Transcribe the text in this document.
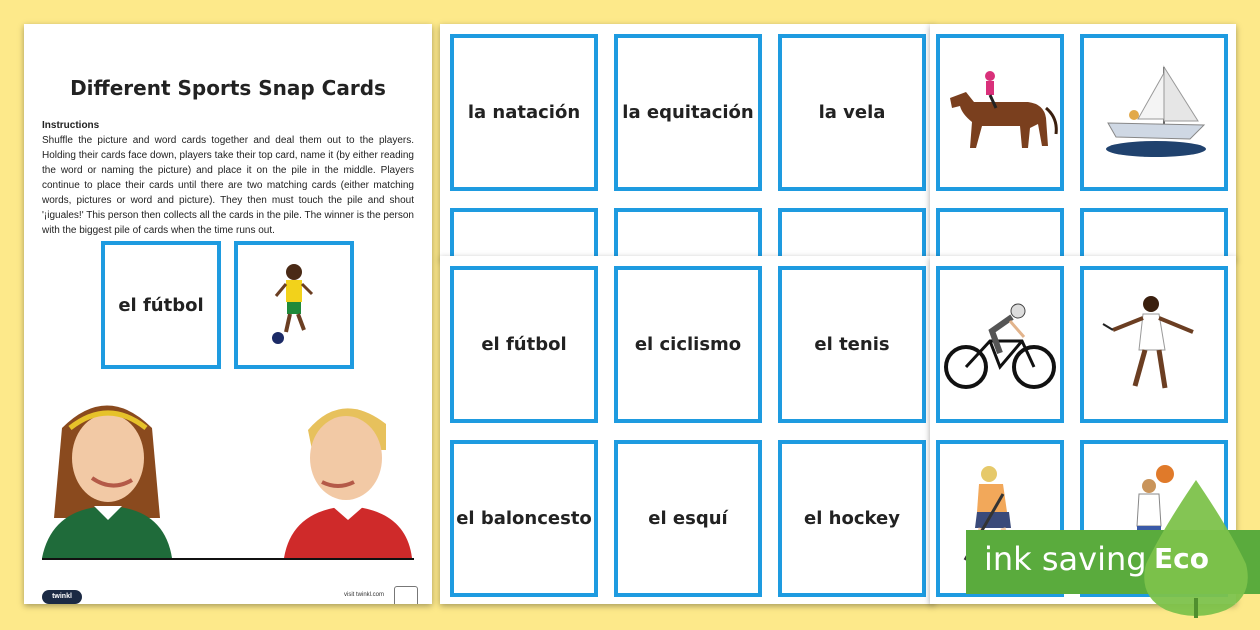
Different Sports Snap Cards
Instructions
Shuffle the picture and word cards together and deal them out to the players. Holding their cards face down, players take their top card, name it (by either reading the word or naming the picture) and place it on the pile in the middle. Players continue to place their cards until there are two matching cards (either matching words, pictures or word and picture). They then must touch the pile and shout '¡iguales!' This person then collects all the cards in the pile. The winner is the person with the biggest pile of cards when the time runs out.
el fútbol
twinkl	visit twinkl.com
la natación la equitación	la vela
el fútbol	el ciclismo	el tenis
el baloncesto	el esquí	el hockey
ink saving Eco
